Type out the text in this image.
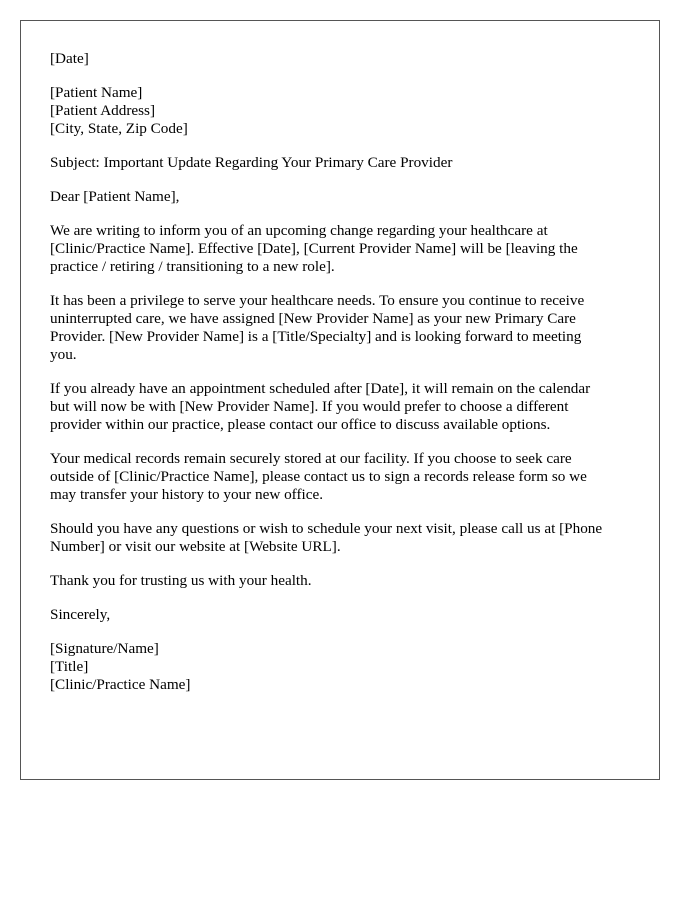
[Date]
[Patient Name]
[Patient Address]
[City, State, Zip Code]
Subject: Important Update Regarding Your Primary Care Provider
Dear [Patient Name],
We are writing to inform you of an upcoming change regarding your healthcare at
[Clinic/Practice Name]. Effective [Date], [Current Provider Name] will be [leaving the
practice / retiring / transitioning to a new role].
It has been a privilege to serve your healthcare needs. To ensure you continue to receive
uninterrupted care, we have assigned [New Provider Name] as your new Primary Care
Provider. [New Provider Name] is a [Title/Specialty] and is looking forward to meeting
you.
If you already have an appointment scheduled after [Date], it will remain on the calendar
but will now be with [New Provider Name]. If you would prefer to choose a different
provider within our practice, please contact our office to discuss available options.
Your medical records remain securely stored at our facility. If you choose to seek care
outside of [Clinic/Practice Name], please contact us to sign a records release form so we
may transfer your history to your new office.
Should you have any questions or wish to schedule your next visit, please call us at [Phone
Number] or visit our website at [Website URL].
Thank you for trusting us with your health.
Sincerely,
[Signature/Name]
[Title]
[Clinic/Practice Name]
